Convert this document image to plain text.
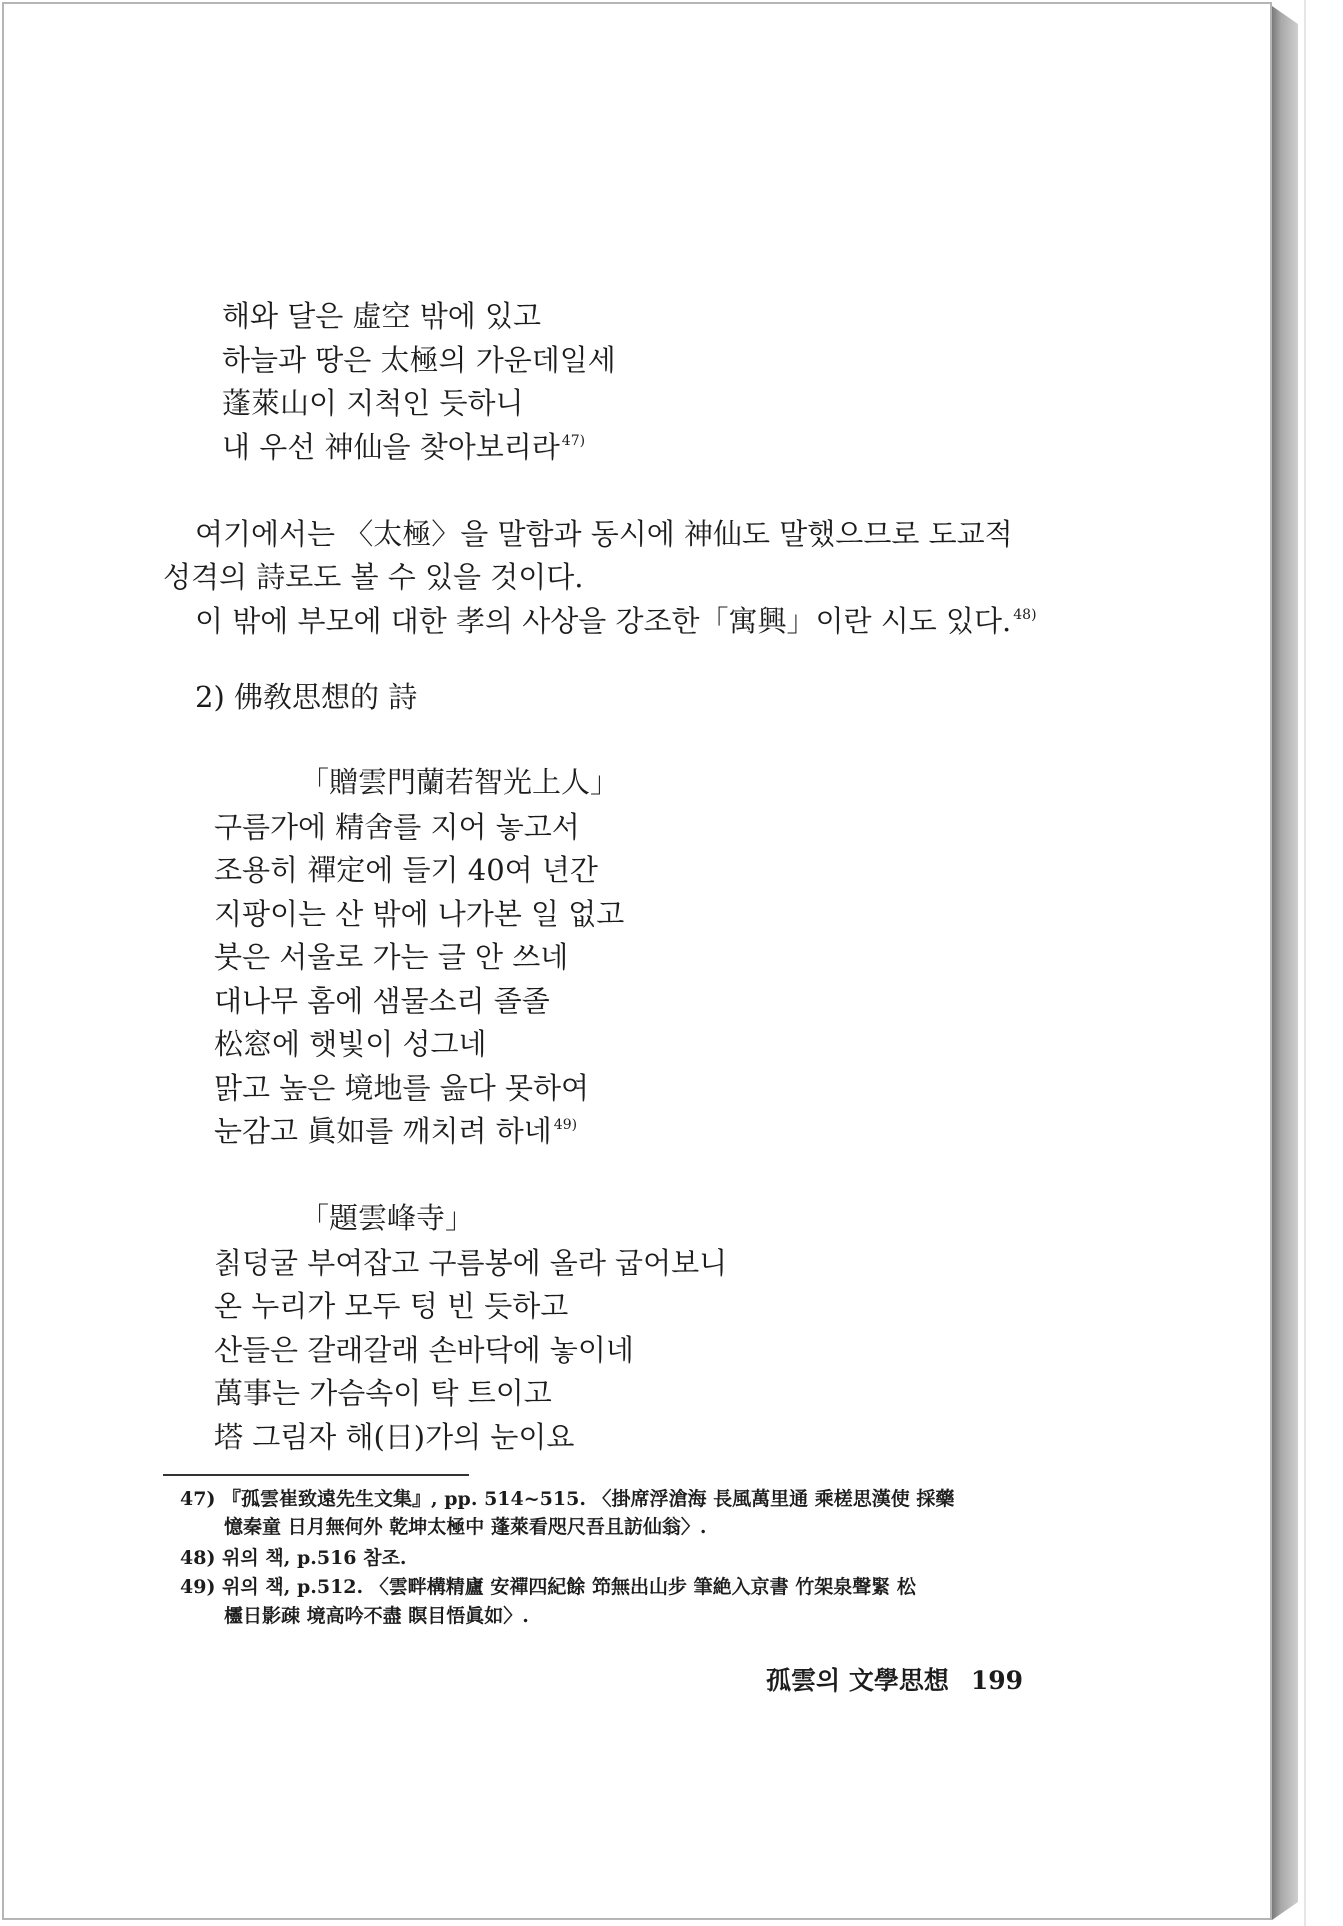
해와 달은 虛空 밖에 있고
하늘과 땅은 太極의 가운데일세
蓬萊山이 지척인 듯하니
내 우선 神仙을 찾아보리라 $^{47)}$
여기에서는 〈太極〉을 말함과 동시에 神仙도 말했으므로 도교적
성격의 詩로도 볼 수 있을 것이다.
이 밖에 부모에 대한 孝의 사상을 강조한「寓興」이란 시도 있다. $^{48)}$
2) 佛敎思想的 詩
「贈雲門蘭若智光上人」
구름가에 精舍를 지어 놓고서
조용히 禪定에 들기 40여 년간
지팡이는 산 밖에 나가본 일 없고
붓은 서울로 가는 글 안 쓰네
대나무 홈에 샘물소리 졸졸
松窓에 햇빛이 성그네
맑고 높은 境地를 읊다 못하여
눈감고 眞如를 깨치려 하네 $^{49)}$
「題雲峰寺」
칡덩굴 부여잡고 구름봉에 올라 굽어보니
온 누리가 모두 텅 빈 듯하고
산들은 갈래갈래 손바닥에 놓이네
萬事는 가슴속이 탁 트이고
塔 그림자 해(日)가의 눈이요
47) 『孤雲崔致遠先生文集』, pp. 514~515. 〈掛席浮滄海 長風萬里通 乘槎思漢使 採藥
憶秦童 日月無何外 乾坤太極中 蓬萊看咫尺吾且訪仙翁〉.
48) 위의 책, p.516 참조.
49) 위의 책, p.512. 〈雲畔構精廬 安禪四紀餘 笻無出山步 筆絶入京書 竹架泉聲緊 松
欞日影疎 境高吟不盡 瞑目悟眞如〉.
孤雲의 文學思想 199
